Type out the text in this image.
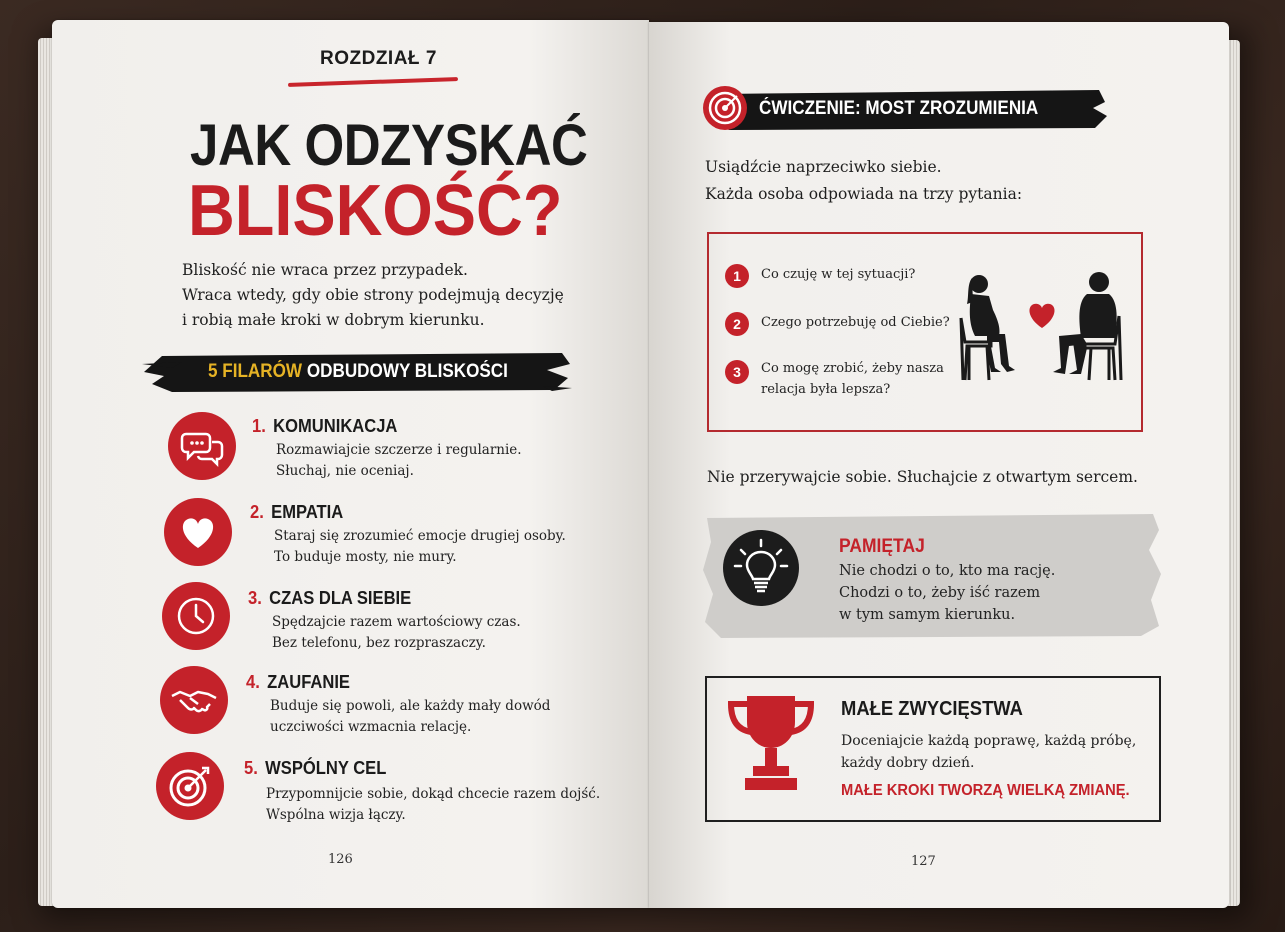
ROZDZIAŁ 7
JAK ODZYSKAĆ
BLISKOŚĆ?
Bliskość nie wraca przez przypadek.
Wraca wtedy, gdy obie strony podejmują decyzję
i robią małe kroki w dobrym kierunku.
5 FILARÓW ODBUDOWY BLISKOŚCI
1. KOMUNIKACJA
Rozmawiajcie szczerze i regularnie.
Słuchaj, nie oceniaj.
2. EMPATIA
Staraj się zrozumieć emocje drugiej osoby.
To buduje mosty, nie mury.
3. CZAS DLA SIEBIE
Spędzajcie razem wartościowy czas.
Bez telefonu, bez rozpraszaczy.
4. ZAUFANIE
Buduje się powoli, ale każdy mały dowód
uczciwości wzmacnia relację.
5. WSPÓLNY CEL
Przypomnijcie sobie, dokąd chcecie razem dojść.
Wspólna wizja łączy.
126
ĆWICZENIE: MOST ZROZUMIENIA
Usiądźcie naprzeciwko siebie.
Każda osoba odpowiada na trzy pytania:
1	Co czuję w tej sytuacji?
2	Czego potrzebuję od Ciebie?
3	Co mogę zrobić, żeby nasza
relacja była lepsza?
Nie przerywajcie sobie. Słuchajcie z otwartym sercem.
PAMIĘTAJ
Nie chodzi o to, kto ma rację.
Chodzi o to, żeby iść razem
w tym samym kierunku.
MAŁE ZWYCIĘSTWA
Doceniajcie każdą poprawę, każdą próbę,
każdy dobry dzień.
MAŁE KROKI TWORZĄ WIELKĄ ZMIANĘ.
127
